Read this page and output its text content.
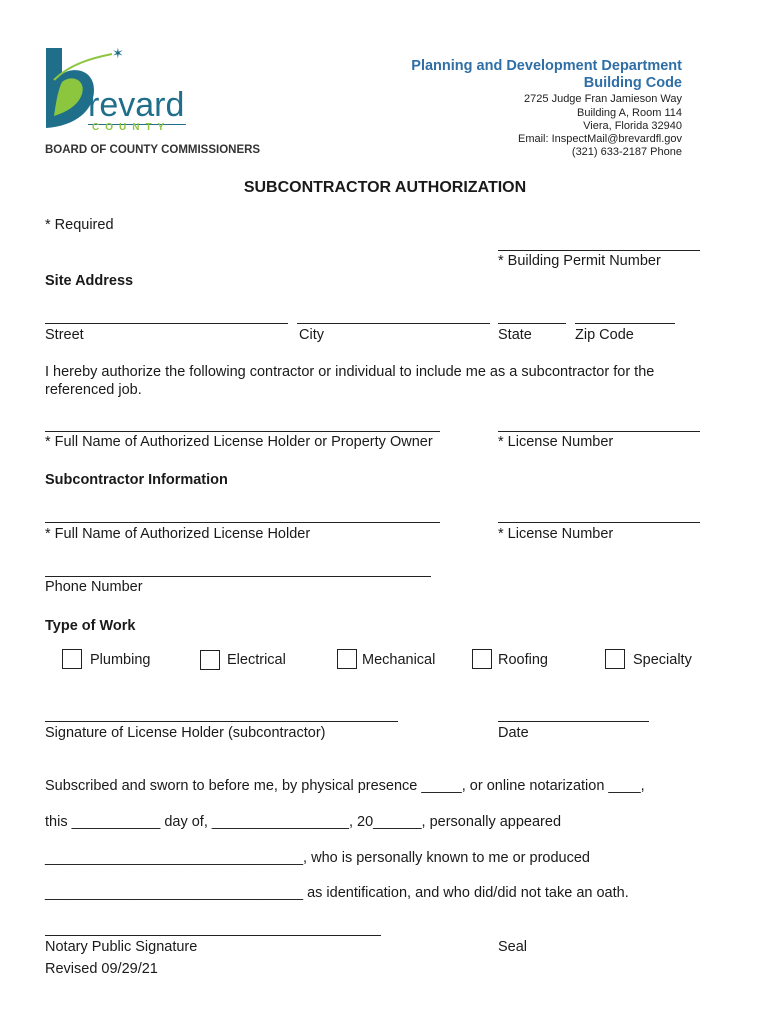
✶
revard
COUNTY
BOARD OF COUNTY COMMISSIONERS
Planning and Development Department
Building Code
2725 Judge Fran Jamieson Way
Building A, Room 114
Viera, Florida 32940
Email: InspectMail@brevardfl.gov
(321) 633-2187 Phone
SUBCONTRACTOR AUTHORIZATION
* Required
* Building Permit Number
Site Address
Street	City	State	Zip Code
I hereby authorize the following contractor or individual to include me as a subcontractor for the referenced job.
* Full Name of Authorized License Holder or Property Owner	* License Number
Subcontractor Information
* Full Name of Authorized License Holder	* License Number
Phone Number
Type of Work
Plumbing	Electrical	Mechanical	Roofing	Specialty
Signature of License Holder (subcontractor)	Date
Subscribed and sworn to before me, by physical presence _____, or online notarization ____,
this ___________ day of, _________________, 20______, personally appeared
________________________________, who is personally known to me or produced
________________________________ as identification, and who did/did not take an oath.
Notary Public Signature	Seal
Revised 09/29/21
